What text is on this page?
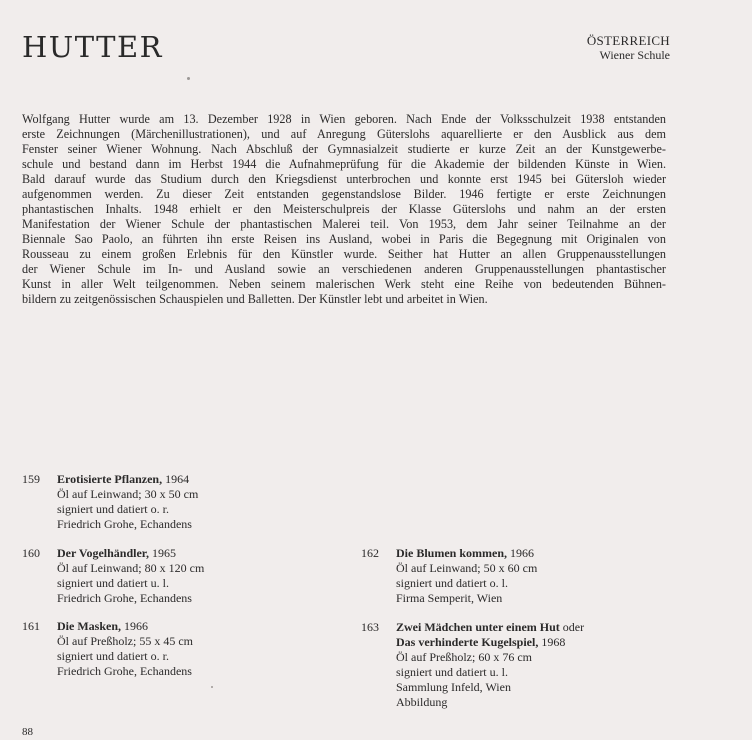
HUTTER	ÖSTERREICH
Wiener Schule
Wolfgang Hutter wurde am 13. Dezember 1928 in Wien geboren. Nach Ende der Volksschulzeit 1938 entstanden
erste Zeichnungen (Märchenillustrationen), und auf Anregung Güterslohs aquarellierte er den Ausblick aus dem
Fenster seiner Wiener Wohnung. Nach Abschluß der Gymnasialzeit studierte er kurze Zeit an der Kunstgewerbe-
schule und bestand dann im Herbst 1944 die Aufnahmeprüfung für die Akademie der bildenden Künste in Wien.
Bald darauf wurde das Studium durch den Kriegsdienst unterbrochen und konnte erst 1945 bei Gütersloh wieder
aufgenommen werden. Zu dieser Zeit entstanden gegenstandslose Bilder. 1946 fertigte er erste Zeichnungen
phantastischen Inhalts. 1948 erhielt er den Meisterschulpreis der Klasse Güterslohs und nahm an der ersten
Manifestation der Wiener Schule der phantastischen Malerei teil. Von 1953, dem Jahr seiner Teilnahme an der
Biennale Sao Paolo, an führten ihn erste Reisen ins Ausland, wobei in Paris die Begegnung mit Originalen von
Rousseau zu einem großen Erlebnis für den Künstler wurde. Seither hat Hutter an allen Gruppenausstellungen
der Wiener Schule im In- und Ausland sowie an verschiedenen anderen Gruppenausstellungen phantastischer
Kunst in aller Welt teilgenommen. Neben seinem malerischen Werk steht eine Reihe von bedeutenden Bühnen-
bildern zu zeitgenössischen Schauspielen und Balletten. Der Künstler lebt und arbeitet in Wien.
159	Erotisierte Pflanzen, 1964
Öl auf Leinwand; 30 x 50 cm
signiert und datiert o. r.
Friedrich Grohe, Echandens
160	Der Vogelhändler, 1965
Öl auf Leinwand; 80 x 120 cm
signiert und datiert u. l.
Friedrich Grohe, Echandens
161	Die Masken, 1966
Öl auf Preßholz; 55 x 45 cm
signiert und datiert o. r.
Friedrich Grohe, Echandens
162	Die Blumen kommen, 1966
Öl auf Leinwand; 50 x 60 cm
signiert und datiert o. l.
Firma Semperit, Wien
163	Zwei Mädchen unter einem Hut oder
Das verhinderte Kugelspiel, 1968
Öl auf Preßholz; 60 x 76 cm
signiert und datiert u. l.
Sammlung Infeld, Wien
Abbildung
88
